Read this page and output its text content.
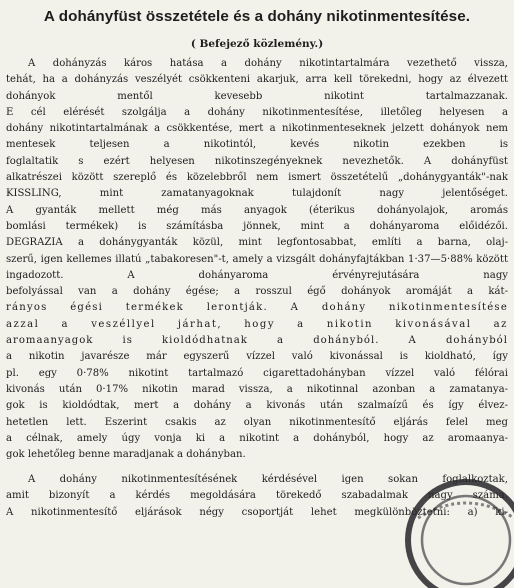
A dohányfüst összetétele és a dohány nikotinmentesítése.
( Befejező közlemény.)
A dohányzás káros hatása a dohány nikotintartalmára vezethető vissza,
tehát, ha a dohányzás veszélyét csökkenteni akarjuk, arra kell törekedni, hogy az élvezett dohányok mentől kevesebb nikotint tartalmazzanak.
E cél elérését szolgálja a dohány nikotinmentesítése, illetőleg helyesen a
dohány nikotintartalmának a csökkentése, mert a nikotinmenteseknek jelzett dohányok nem mentesek teljesen a nikotintól, kevés nikotin ezekben is
foglaltatik s ezért helyesen nikotinszegényeknek nevezhetők. A dohányfüst
alkatrészei között szereplő és közelebbről nem ismert összetételű „dohánygyanták"-nak KISSLING, mint zamatanyagoknak tulajdonít nagy jelentőséget.
A gyanták mellett még más anyagok (éterikus dohányolajok, aromás
bomlási termékek) is számításba jönnek, mint a dohányaroma előidézői.
DEGRAZIA a dohánygyanták közül, mint legfontosabbat, említi a barna, olaj-
szerű, igen kellemes illatú „tabakoresen"-t, amely a vizsgált dohányfajtákban 1·37—5·88% között ingadozott. A dohányaroma érvényrejutására nagy
befolyással van a dohány égése; a rosszul égő dohányok aromáját a kát-
rányos égési termékek lerontják. A dohány nikotinmentesítése
azzal a veszéllyel járhat, hogy a nikotin kivonásával az
aromaanyagok is kioldódhatnak a dohányból. A dohányból
a nikotin javarésze már egyszerű vízzel való kivonással is kioldható, így
pl. egy 0·78% nikotint tartalmazó cigarettadohányban vízzel való félórai
kivonás után 0·17% nikotin marad vissza, a nikotinnal azonban a zamatanya-
gok is kioldódtak, mert a dohány a kivonás után szalmaízű és így élvez-
hetetlen lett. Eszerint csakis az olyan nikotinmentesítő eljárás felel meg
a célnak, amely úgy vonja ki a nikotint a dohányból, hogy az aromaanya-
gok lehetőleg benne maradjanak a dohányban.
A dohány nikotinmentesítésének kérdésével igen sokan foglalkoztak,
amit bizonyít a kérdés megoldására törekedő szabadalmak nagy száma.
A nikotinmentesítő eljárások négy csoportját lehet megkülönböztetni: a) ki-
